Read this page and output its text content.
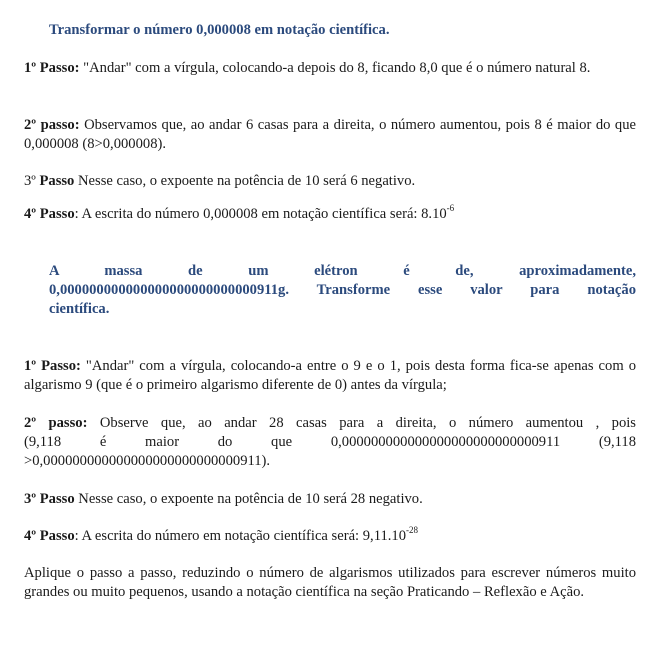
Transformar o número 0,000008 em notação científica.

1º Passo: "Andar" com a vírgula, colocando-a depois do 8, ficando 8,0 que é o número natural 8.

2º passo: Observamos que, ao andar 6 casas para a direita, o número aumentou, pois 8 é maior do que 0,000008 (8>0,000008).

3º Passo Nesse caso, o expoente na potência de 10 será 6 negativo.

4º Passo: A escrita do número 0,000008 em notação científica será: $8.10^{-6}$

A massa de um elétron é de, aproximadamente,
0,000000000000000000000000000911g. Transforme esse valor para notação
científica.

1º Passo: "Andar" com a vírgula, colocando-a entre o 9 e o 1, pois desta forma fica-se apenas com o algarismo 9 (que é o primeiro algarismo diferente de 0) antes da vírgula;

2º passo: Observe que, ao andar 28 casas para a direita, o número aumentou , pois
(9,118 é maior do que 0,000000000000000000000000000911 (9,118
>0,000000000000000000000000000911).

3º Passo Nesse caso, o expoente na potência de 10 será 28 negativo.

4º Passo: A escrita do número em notação científica será: $9,11.10^{-28}$

Aplique o passo a passo, reduzindo o número de algarismos utilizados para escrever números muito grandes ou muito pequenos, usando a notação científica na seção Praticando – Reflexão e Ação.
